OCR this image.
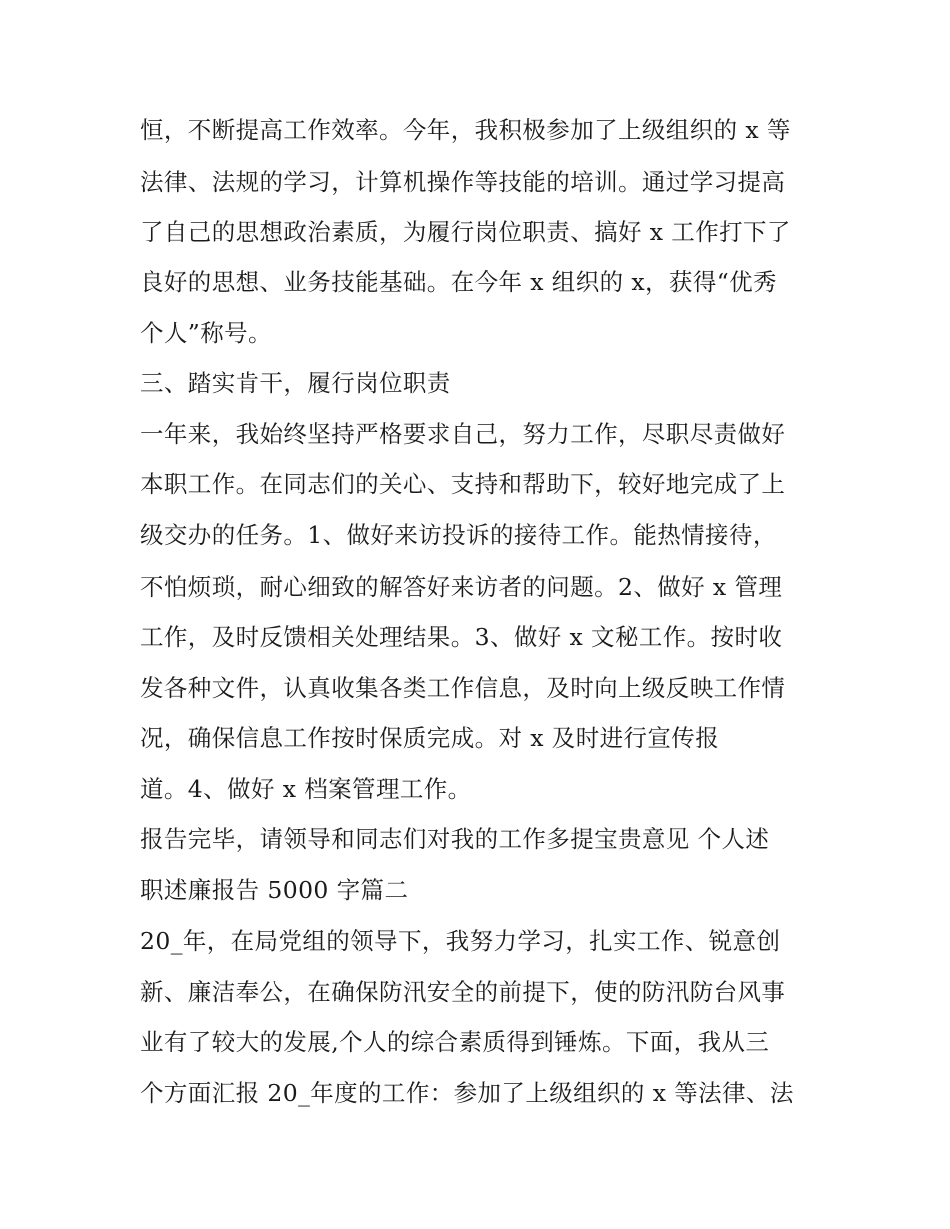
恒，不断提高工作效率。今年，我积极参加了上级组织的 x 等
法律、法规的学习，计算机操作等技能的培训。通过学习提高
了自己的思想政治素质，为履行岗位职责、搞好 x 工作打下了
良好的思想、业务技能基础。在今年 x 组织的 x，获得“优秀
个人”称号。
三、踏实肯干，履行岗位职责
一年来，我始终坚持严格要求自己，努力工作，尽职尽责做好
本职工作。在同志们的关心、支持和帮助下，较好地完成了上
级交办的任务。1、做好来访投诉的接待工作。能热情接待，
不怕烦琐，耐心细致的解答好来访者的问题。2、做好 x 管理
工作，及时反馈相关处理结果。3、做好 x 文秘工作。按时收
发各种文件，认真收集各类工作信息，及时向上级反映工作情
况，确保信息工作按时保质完成。对 x 及时进行宣传报
道。4、做好 x 档案管理工作。
报告完毕，请领导和同志们对我的工作多提宝贵意见 个人述
职述廉报告 5000 字篇二
20_年，在局党组的领导下，我努力学习，扎实工作、锐意创
新、廉洁奉公，在确保防汛安全的前提下，使的防汛防台风事
业有了较大的发展,个人的综合素质得到锤炼。下面，我从三
个方面汇报 20_年度的工作：参加了上级组织的 x 等法律、法
